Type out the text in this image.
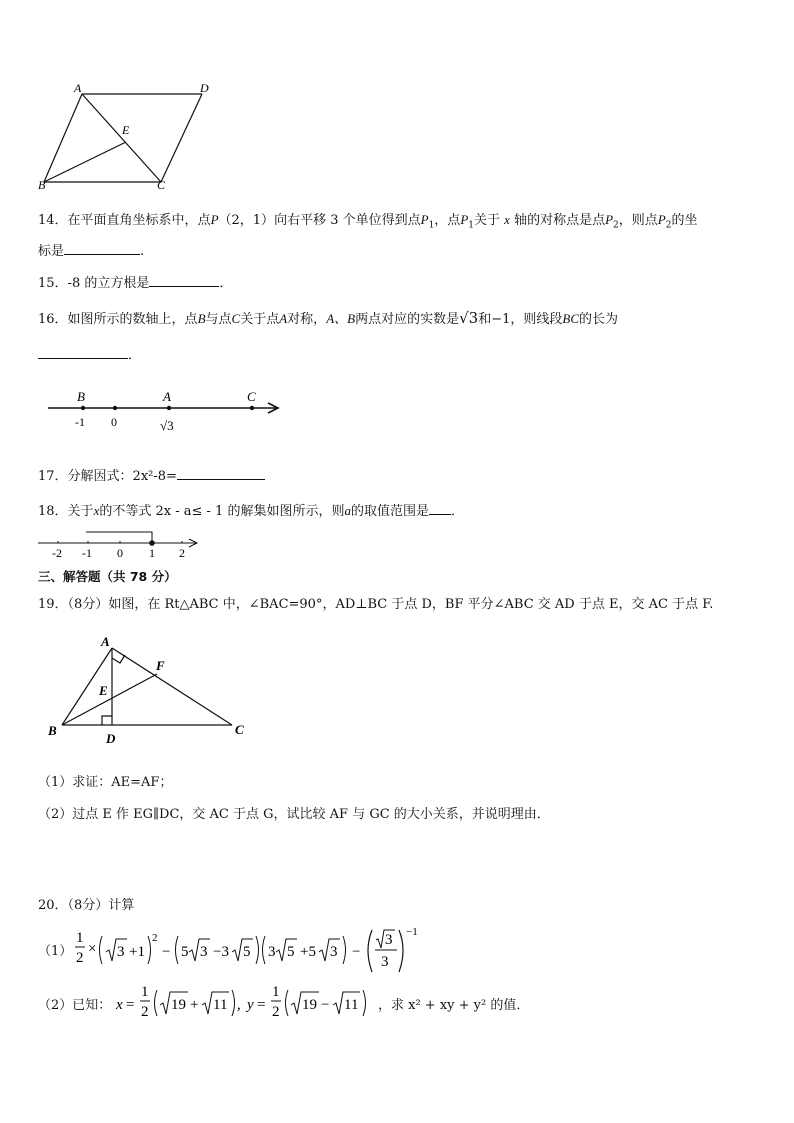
A	D
E
B	C
14．在平面直角坐标系中，点P（2，1）向右平移 3 个单位得到点$P_1$，点$P_1$关于 x 轴的对称点是点$P_2$，则点$P_2$的坐
标是	.
15．-8 的立方根是	．
16．如图所示的数轴上，点B与点C关于点A对称，A、B两点对应的实数是√3和−1，则线段BC的长为
．
B	A	C
-1 0	√3
17．分解因式：2x²-8=
18．关于x的不等式 2x - a≤ - 1 的解集如图所示，则a的取值范围是 ．
-2 -1 0 1 2
三、解答题（共 78 分）
19．（8分）如图，在 Rt△ABC 中，∠BAC=90°，AD⊥BC 于点 D，BF 平分∠ABC 交 AD 于点 E，交 AC 于点 F.
A
F
E
B
D
C
（1）求证：AE=AF；
（2）过点 E 作 EG∥DC，交 AC 于点 G，试比较 AF 与 GC 的大小关系，并说明理由．
20．（8分）计算
（1）
1
2
× 3 +1
2
− 5 3 −3 5 3 5 +5 3 −
3
3
−1
（2）已知： x =
1
2 19 + 11 , y =
1
2 19 − 11 ，求 x² + xy + y² 的值．
